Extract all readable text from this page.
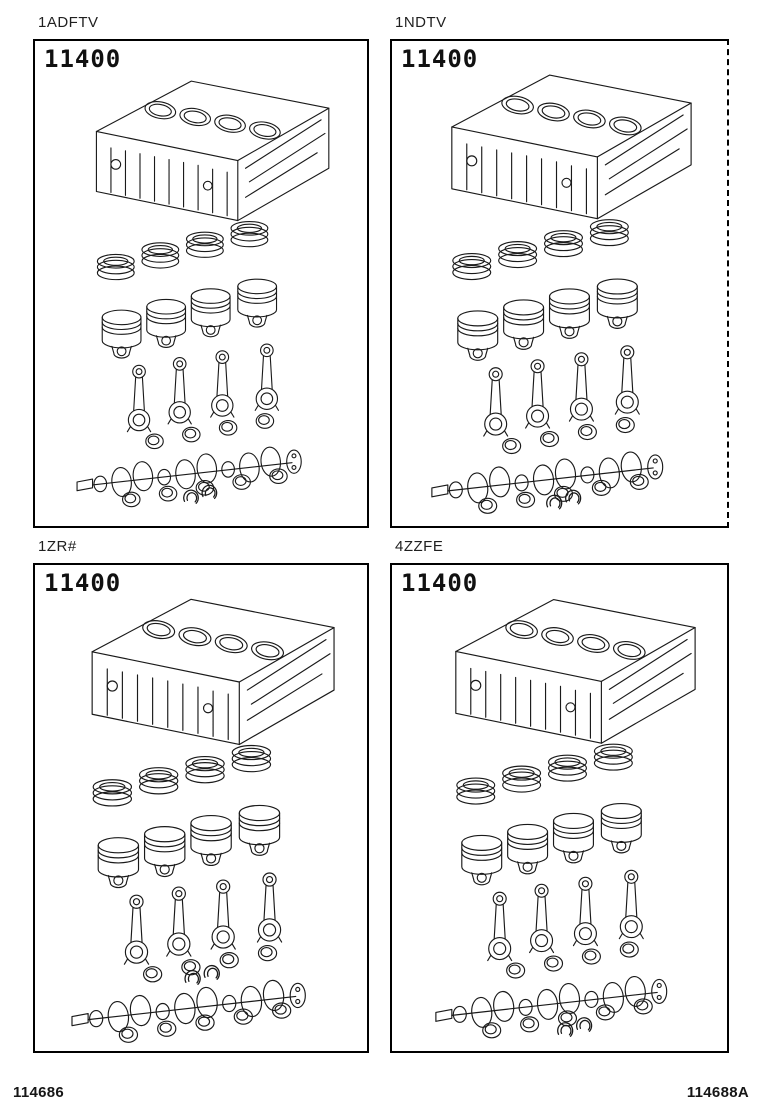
1ADFTV
11400
1NDTV
11400
1ZR#
11400
4ZZFE
11400
114686	114688A
